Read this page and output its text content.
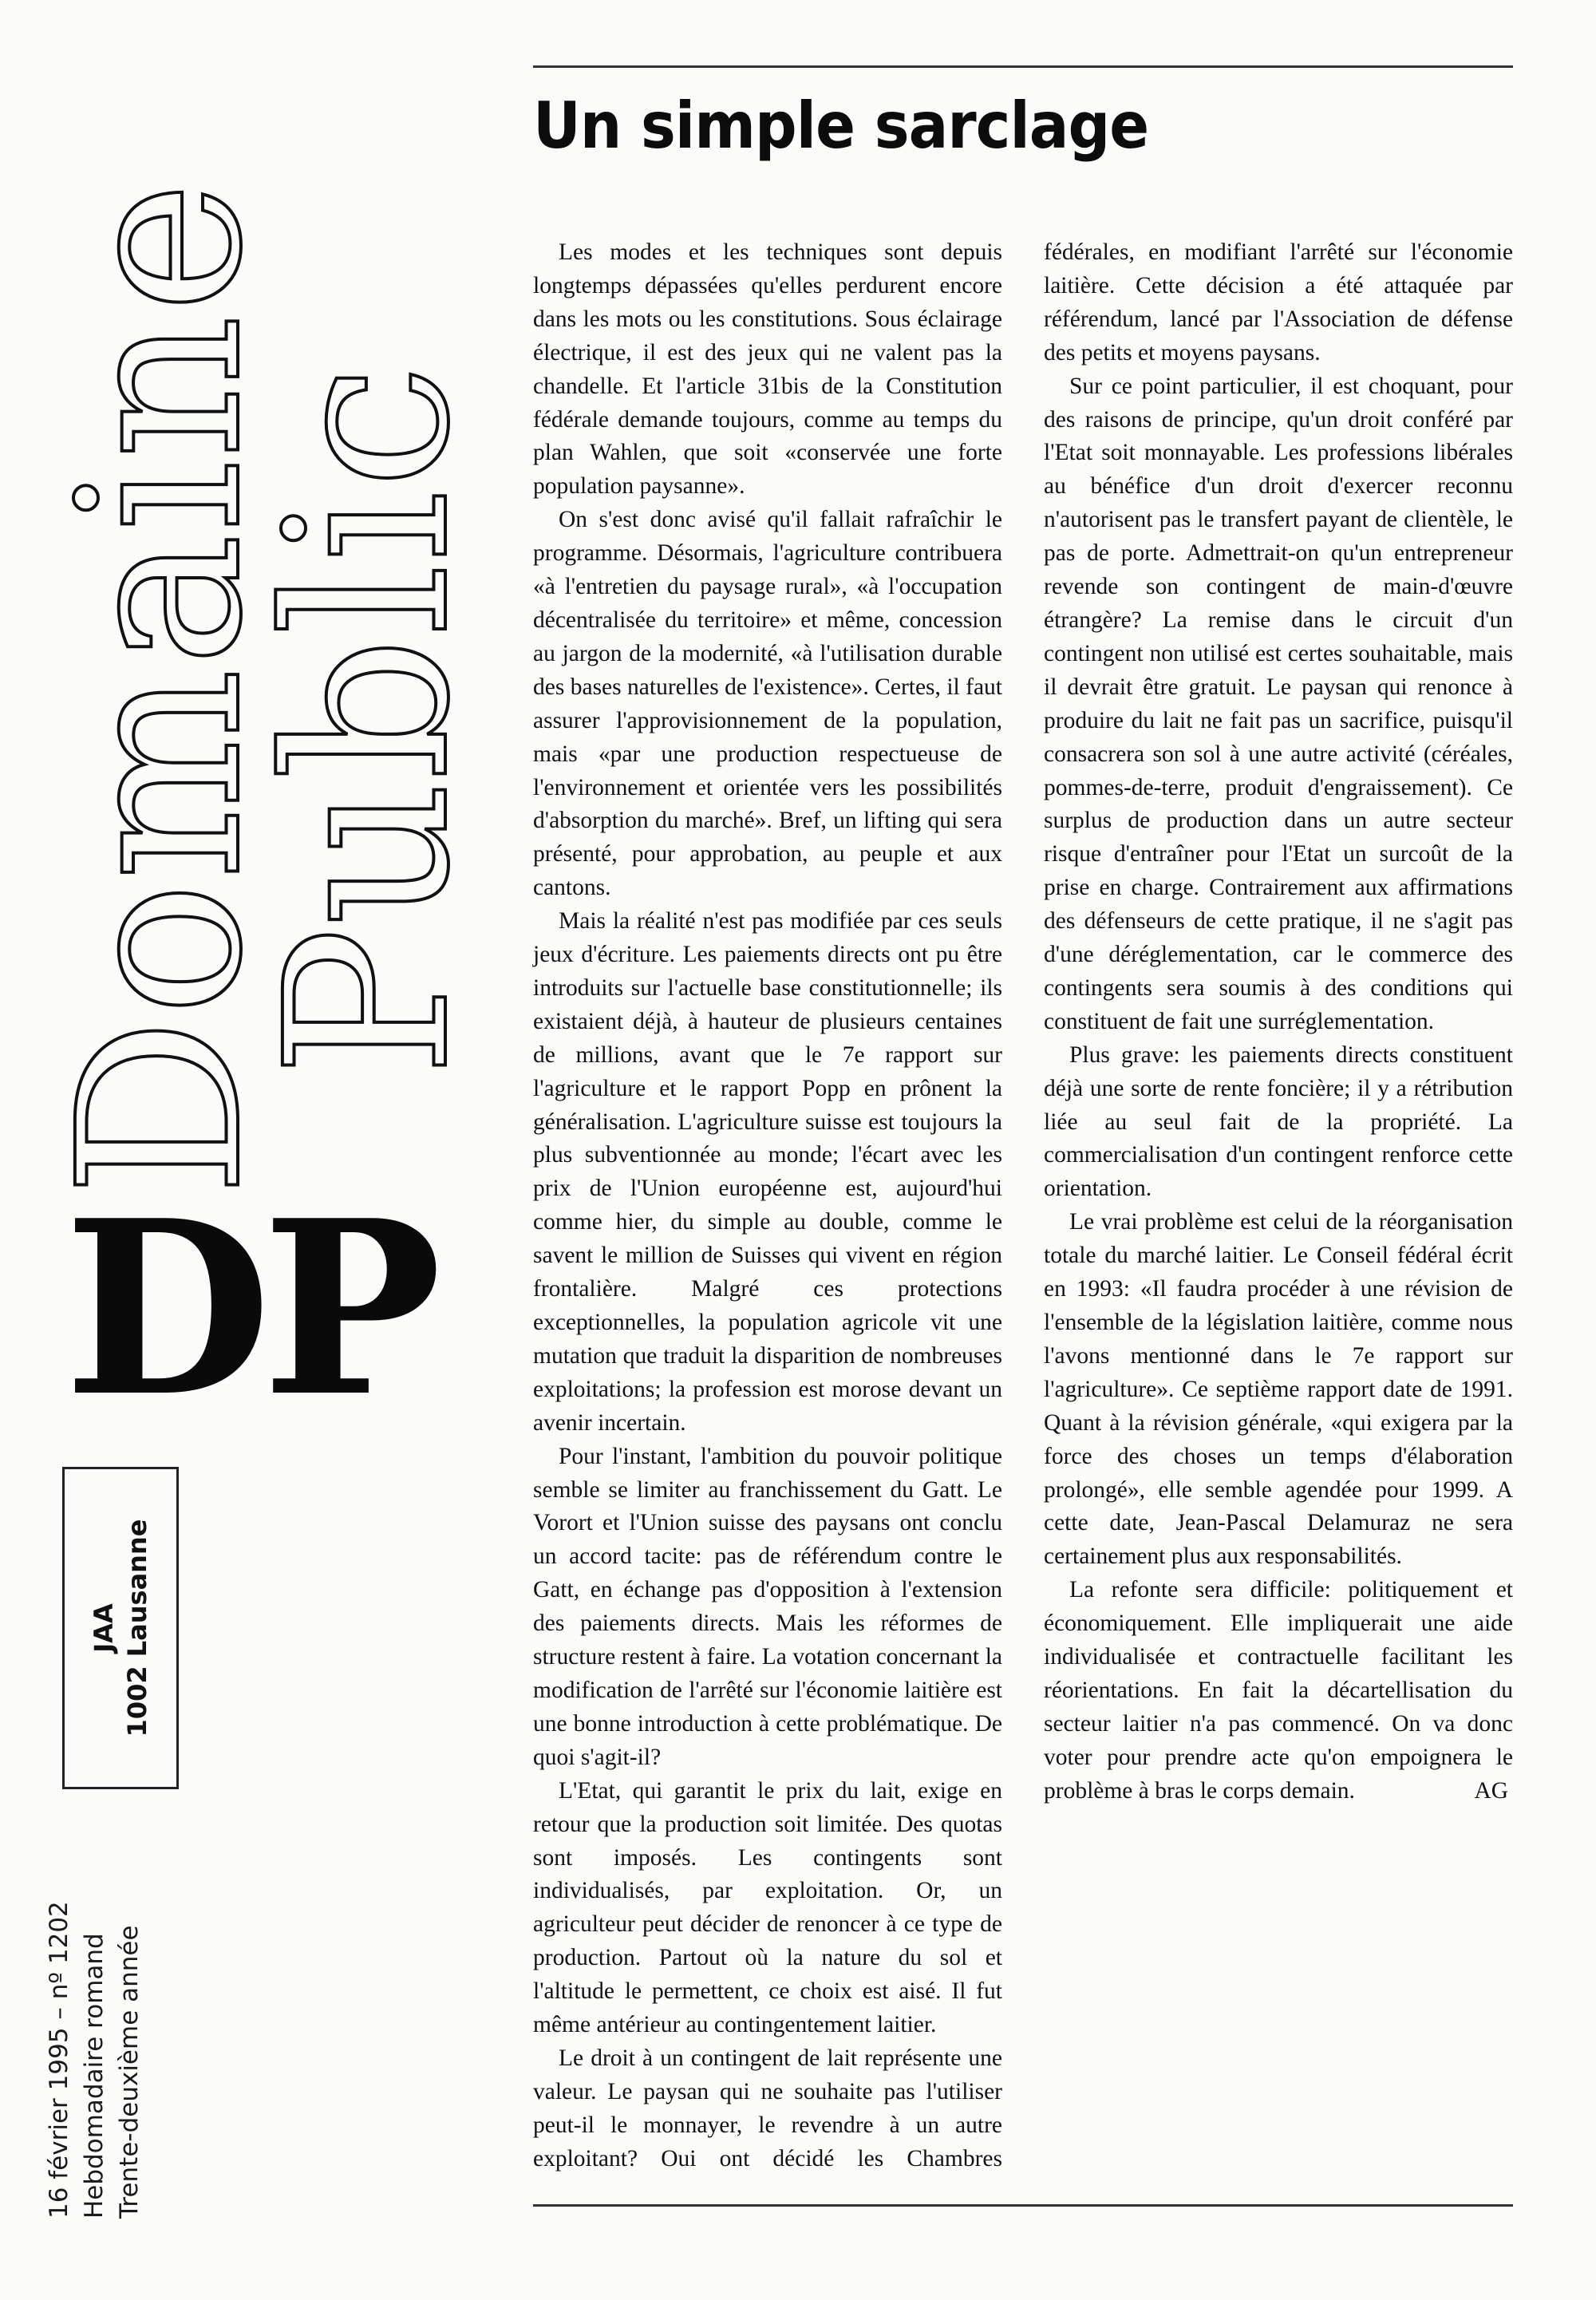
Domaine
Public
DP
JAA 1002 Lausanne
16 février 1995 – nº 1202 Hebdomadaire romand Trente-deuxième année
Un simple sarclage

Les modes et les techniques sont depuis longtemps dépassées qu'elles perdurent encore dans les mots ou les constitutions. Sous éclairage électrique, il est des jeux qui ne valent pas la chandelle. Et l'article 31bis de la Constitution fédérale demande toujours, comme au temps du plan Wahlen, que soit «conservée une forte population paysanne».

On s'est donc avisé qu'il fallait rafraîchir le programme. Désormais, l'agriculture contribuera «à l'entretien du paysage rural», «à l'occupation décentralisée du territoire» et même, concession au jargon de la modernité, «à l'utilisation durable des bases naturelles de l'existence». Certes, il faut assurer l'approvisionnement de la population, mais «par une production respectueuse de l'environnement et orientée vers les possibilités d'absorption du marché». Bref, un lifting qui sera présenté, pour approbation, au peuple et aux cantons.

Mais la réalité n'est pas modifiée par ces seuls jeux d'écriture. Les paiements directs ont pu être introduits sur l'actuelle base constitutionnelle; ils existaient déjà, à hauteur de plusieurs centaines de millions, avant que le 7e rapport sur l'agriculture et le rapport Popp en prônent la généralisation. L'agriculture suisse est toujours la plus subventionnée au monde; l'écart avec les prix de l'Union européenne est, aujourd'hui comme hier, du simple au double, comme le savent le million de Suisses qui vivent en région frontalière. Malgré ces protections exceptionnelles, la population agricole vit une mutation que traduit la disparition de nombreuses exploitations; la profession est morose devant un avenir incertain.

Pour l'instant, l'ambition du pouvoir politique semble se limiter au franchissement du Gatt. Le Vorort et l'Union suisse des paysans ont conclu un accord tacite: pas de référendum contre le Gatt, en échange pas d'opposition à l'extension des paiements directs. Mais les réformes de structure restent à faire. La votation concernant la modification de l'arrêté sur l'économie laitière est une bonne introduction à cette problématique. De quoi s'agit-il?

L'Etat, qui garantit le prix du lait, exige en retour que la production soit limitée. Des quotas sont imposés. Les contingents sont individualisés, par exploitation. Or, un agriculteur peut décider de renoncer à ce type de production. Partout où la nature du sol et l'altitude le permettent, ce choix est aisé. Il fut même antérieur au contingentement laitier.

Le droit à un contingent de lait représente une valeur. Le paysan qui ne souhaite pas l'utiliser peut-il le monnayer, le revendre à un autre exploitant? Oui ont décidé les Chambres fédérales, en modifiant l'arrêté sur l'économie laitière. Cette décision a été attaquée par référendum, lancé par l'Association de défense des petits et moyens paysans.

Sur ce point particulier, il est choquant, pour des raisons de principe, qu'un droit conféré par l'Etat soit monnayable. Les professions libérales au bénéfice d'un droit d'exercer reconnu n'autorisent pas le transfert payant de clientèle, le pas de porte. Admettrait-on qu'un entrepreneur revende son contingent de main-d'œuvre étrangère? La remise dans le circuit d'un contingent non utilisé est certes souhaitable, mais il devrait être gratuit. Le paysan qui renonce à produire du lait ne fait pas un sacrifice, puisqu'il consacrera son sol à une autre activité (céréales, pommes-de-terre, produit d'engraissement). Ce surplus de production dans un autre secteur risque d'entraîner pour l'Etat un surcoût de la prise en charge. Contrairement aux affirmations des défenseurs de cette pratique, il ne s'agit pas d'une déréglementation, car le commerce des contingents sera soumis à des conditions qui constituent de fait une surréglementation.

Plus grave: les paiements directs constituent déjà une sorte de rente foncière; il y a rétribution liée au seul fait de la propriété. La commercialisation d'un contingent renforce cette orientation.

Le vrai problème est celui de la réorganisation totale du marché laitier. Le Conseil fédéral écrit en 1993: «Il faudra procéder à une révision de l'ensemble de la législation laitière, comme nous l'avons mentionné dans le 7e rapport sur l'agriculture». Ce septième rapport date de 1991. Quant à la révision générale, «qui exigera par la force des choses un temps d'élaboration prolongé», elle semble agendée pour 1999. A cette date, Jean-Pascal Delamuraz ne sera certainement plus aux responsabilités.

La refonte sera difficile: politiquement et économiquement. Elle impliquerait une aide individualisée et contractuelle facilitant les réorientations. En fait la décartellisation du secteur laitier n'a pas commencé. On va donc voter pour prendre acte qu'on empoignera le problème à bras le corps demain.	AG
